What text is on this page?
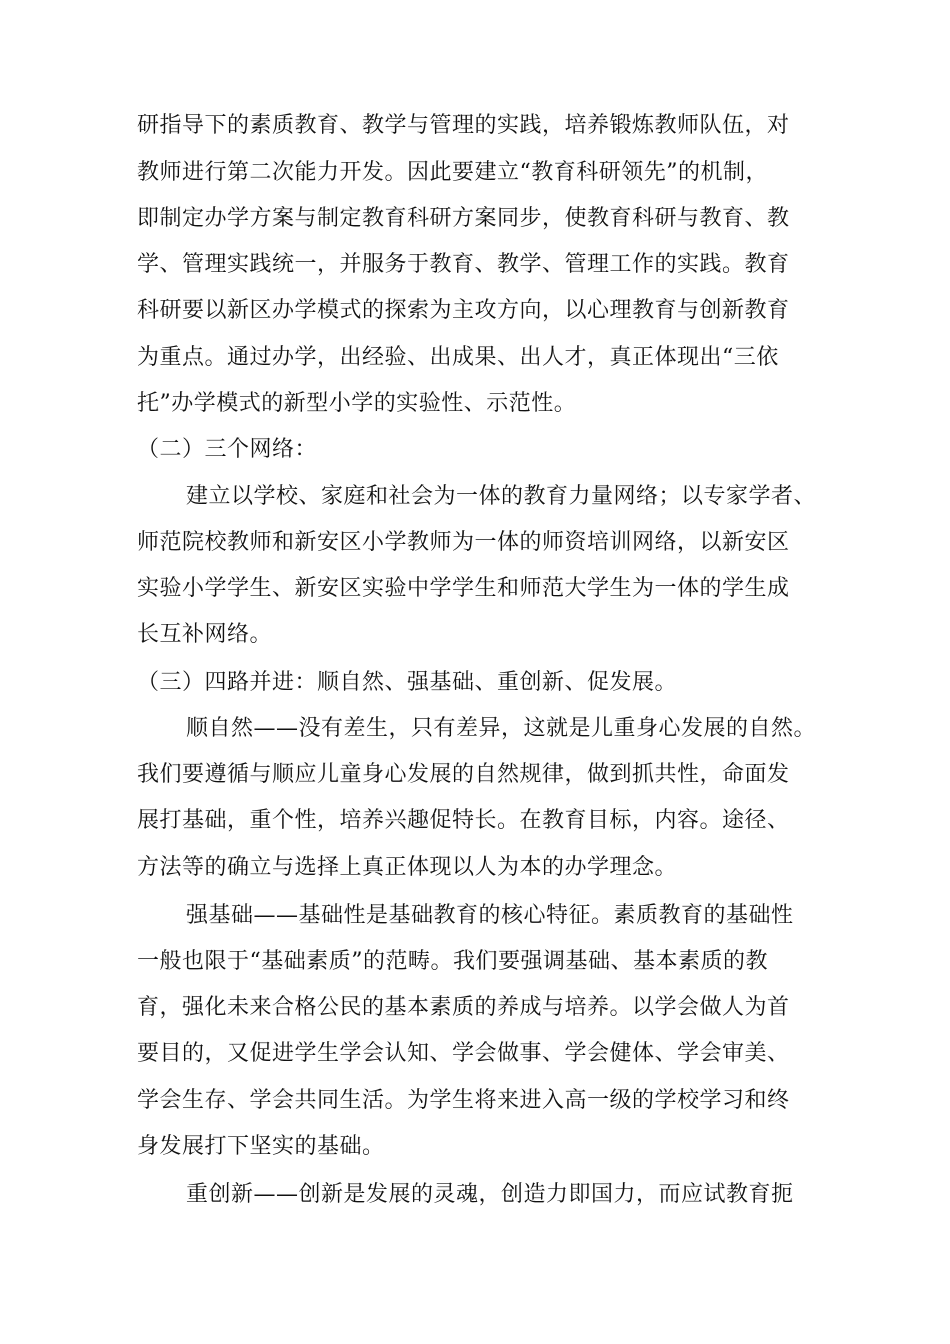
研指导下的素质教育、教学与管理的实践，培养锻炼教师队伍，对
教师进行第二次能力开发。因此要建立“教育科研领先”的机制，
即制定办学方案与制定教育科研方案同步，使教育科研与教育、教
学、管理实践统一，并服务于教育、教学、管理工作的实践。教育
科研要以新区办学模式的探索为主攻方向，以心理教育与创新教育
为重点。通过办学，出经验、出成果、出人才，真正体现出“三依
托”办学模式的新型小学的实验性、示范性。
（二）三个网络：
建立以学校、家庭和社会为一体的教育力量网络；以专家学者、
师范院校教师和新安区小学教师为一体的师资培训网络，以新安区
实验小学学生、新安区实验中学学生和师范大学生为一体的学生成
长互补网络。
（三）四路并进：顺自然、强基础、重创新、促发展。
顺自然——没有差生，只有差异，这就是儿重身心发展的自然。
我们要遵循与顺应儿童身心发展的自然规律，做到抓共性，命面发
展打基础，重个性，培养兴趣促特长。在教育目标，内容。途径、
方法等的确立与选择上真正体现以人为本的办学理念。
强基础——基础性是基础教育的核心特征。素质教育的基础性
一般也限于“基础素质”的范畴。我们要强调基础、基本素质的教
育，强化未来合格公民的基本素质的养成与培养。以学会做人为首
要目的，又促进学生学会认知、学会做事、学会健体、学会审美、
学会生存、学会共同生活。为学生将来进入高一级的学校学习和终
身发展打下坚实的基础。
重创新——创新是发展的灵魂，创造力即国力，而应试教育扼
